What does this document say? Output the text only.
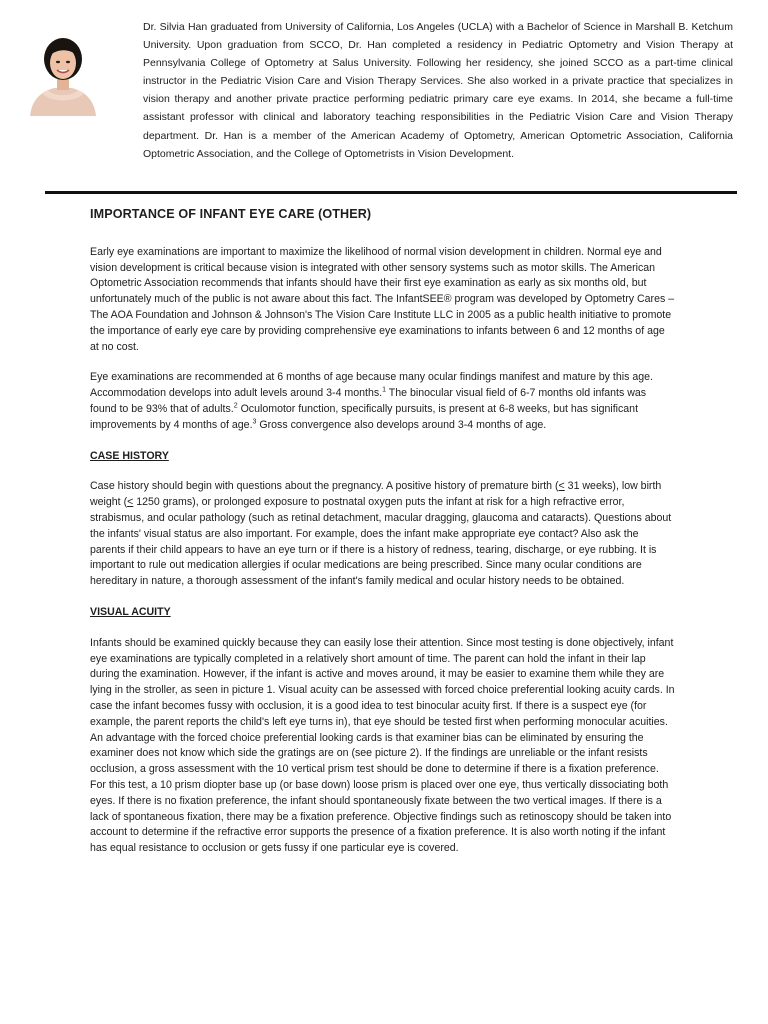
Dr. Silvia Han graduated from University of California, Los Angeles (UCLA) with a Bachelor of Science in Marshall B. Ketchum University. Upon graduation from SCCO, Dr. Han completed a residency in Pediatric Optometry and Vision Therapy at Pennsylvania College of Optometry at Salus University. Following her residency, she joined SCCO as a part-time clinical instructor in the Pediatric Vision Care and Vision Therapy Services. She also worked in a private practice that specializes in vision therapy and another private practice performing pediatric primary care eye exams. In 2014, she became a full-time assistant professor with clinical and laboratory teaching responsibilities in the Pediatric Vision Care and Vision Therapy department. Dr. Han is a member of the American Academy of Optometry, American Optometric Association, California Optometric Association, and the College of Optometrists in Vision Development.
IMPORTANCE OF INFANT EYE CARE (OTHER)

Early eye examinations are important to maximize the likelihood of normal vision development in children. Normal eye and vision development is critical because vision is integrated with other sensory systems such as motor skills. The American Optometric Association recommends that infants should have their first eye examination as early as six months old, but unfortunately much of the public is not aware about this fact. The InfantSEE® program was developed by Optometry Cares – The AOA Foundation and Johnson & Johnson's The Vision Care Institute LLC in 2005 as a public health initiative to promote the importance of early eye care by providing comprehensive eye examinations to infants between 6 and 12 months of age at no cost.

Eye examinations are recommended at 6 months of age because many ocular findings manifest and mature by this age. Accommodation develops into adult levels around 3-4 months.$^1$ The binocular visual field of 6-7 months old infants was found to be 93% that of adults.$^2$ Oculomotor function, specifically pursuits, is present at 6-8 weeks, but has significant improvements by 4 months of age.$^3$ Gross convergence also develops around 3-4 months of age.

CASE HISTORY

Case history should begin with questions about the pregnancy. A positive history of premature birth (< 31 weeks), low birth weight (< 1250 grams), or prolonged exposure to postnatal oxygen puts the infant at risk for a high refractive error, strabismus, and ocular pathology (such as retinal detachment, macular dragging, glaucoma and cataracts). Questions about the infants' visual status are also important. For example, does the infant make appropriate eye contact? Also ask the parents if their child appears to have an eye turn or if there is a history of redness, tearing, discharge, or eye rubbing. It is important to rule out medication allergies if ocular medications are being prescribed. Since many ocular conditions are hereditary in nature, a thorough assessment of the infant's family medical and ocular history needs to be obtained.

VISUAL ACUITY

Infants should be examined quickly because they can easily lose their attention. Since most testing is done objectively, infant eye examinations are typically completed in a relatively short amount of time. The parent can hold the infant in their lap during the examination. However, if the infant is active and moves around, it may be easier to examine them while they are lying in the stroller, as seen in picture 1. Visual acuity can be assessed with forced choice preferential looking acuity cards. In case the infant becomes fussy with occlusion, it is a good idea to test binocular acuity first. If there is a suspect eye (for example, the parent reports the child's left eye turns in), that eye should be tested first when performing monocular acuities. An advantage with the forced choice preferential looking cards is that examiner bias can be eliminated by ensuring the examiner does not know which side the gratings are on (see picture 2). If the findings are unreliable or the infant resists occlusion, a gross assessment with the 10 vertical prism test should be done to determine if there is a fixation preference. For this test, a 10 prism diopter base up (or base down) loose prism is placed over one eye, thus vertically dissociating both eyes. If there is no fixation preference, the infant should spontaneously fixate between the two vertical images. If there is a lack of spontaneous fixation, there may be a fixation preference. Objective findings such as retinoscopy should be taken into account to determine if the refractive error supports the presence of a fixation preference. It is also worth noting if the infant has equal resistance to occlusion or gets fussy if one particular eye is covered.
